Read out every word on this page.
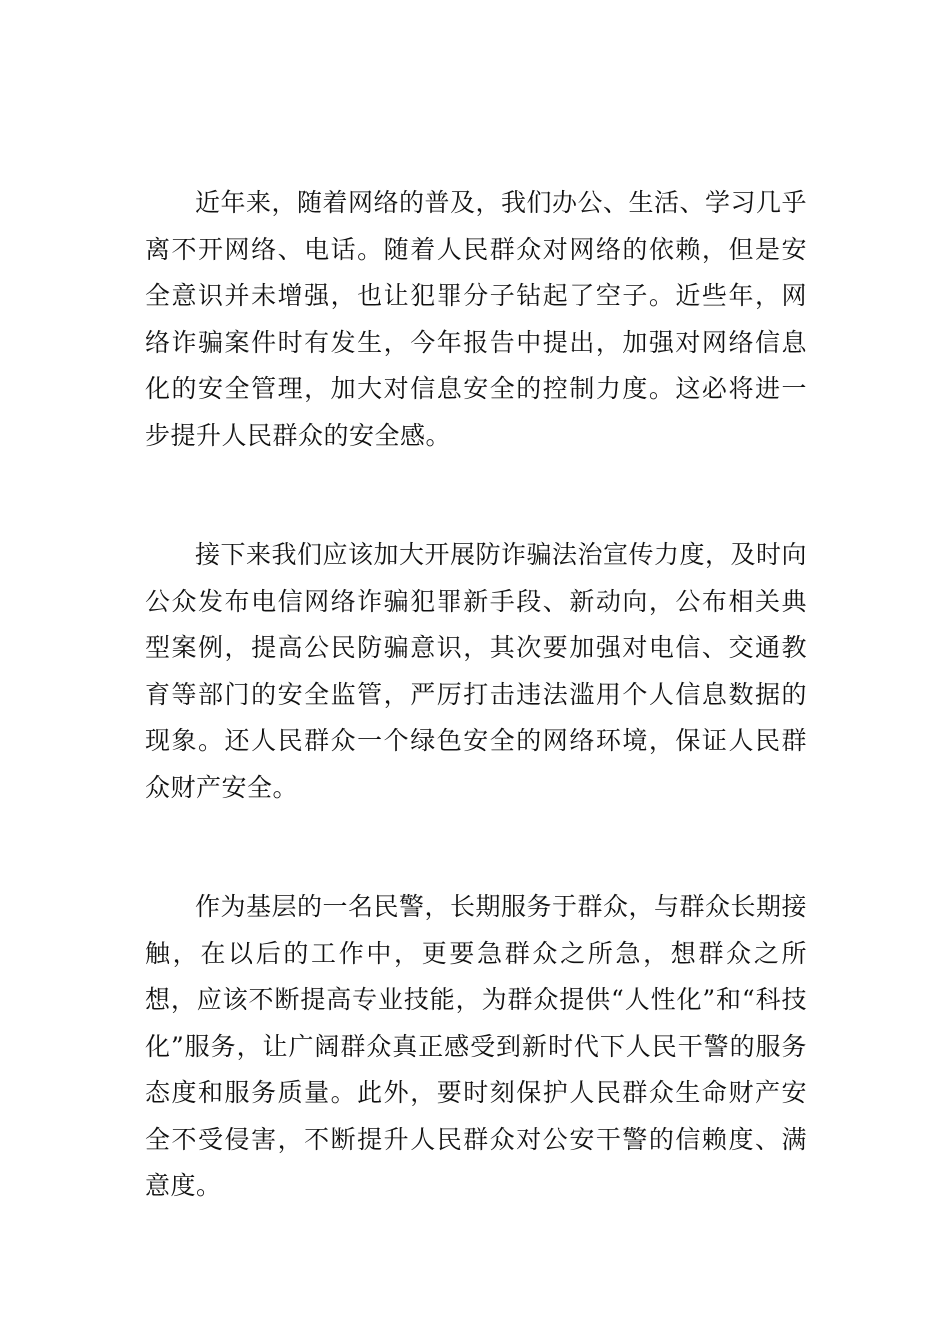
近年来，随着网络的普及，我们办公、生活、学习几乎离不开网络、电话。随着人民群众对网络的依赖，但是安全意识并未增强，也让犯罪分子钻起了空子。近些年，网络诈骗案件时有发生，今年报告中提出，加强对网络信息化的安全管理，加大对信息安全的控制力度。这必将进一步提升人民群众的安全感。

接下来我们应该加大开展防诈骗法治宣传力度，及时向公众发布电信网络诈骗犯罪新手段、新动向，公布相关典型案例，提高公民防骗意识，其次要加强对电信、交通教育等部门的安全监管，严厉打击违法滥用个人信息数据的现象。还人民群众一个绿色安全的网络环境，保证人民群众财产安全。

作为基层的一名民警，长期服务于群众，与群众长期接触，在以后的工作中，更要急群众之所急，想群众之所想，应该不断提高专业技能，为群众提供“人性化”和“科技化”服务，让广阔群众真正感受到新时代下人民干警的服务态度和服务质量。此外，要时刻保护人民群众生命财产安全不受侵害，不断提升人民群众对公安干警的信赖度、满意度。
